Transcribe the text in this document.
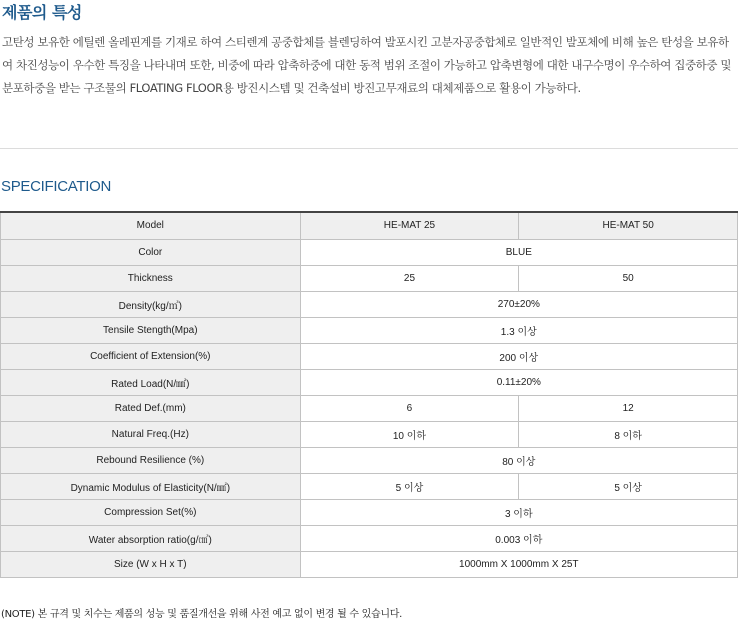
제품의 특성
고탄성 보유한 에틸렌 올레핀계를 기재로 하여 스티렌계 공중합체를 블렌딩하여 발포시킨 고분자공중합체로 일반적인 발포체에 비해 높은 탄성을 보유하여 차진성능이 우수한 특징을 나타내며 또한, 비중에 따라 압축하중에 대한 동적 범위 조절이 가능하고 압축변형에 대한 내구수명이 우수하여 집중하중 및 분포하중을 받는 구조물의 FLOATING FLOOR용 방진시스템 및 건축설비 방진고무재료의 대체제품으로 활용이 가능하다.
SPECIFICATION
Model	HE-MAT 25	HE-MAT 50
Color	BLUE	
Thickness	25	50
Density(kg/㎥)	270±20%	
Tensile Stength(Mpa)	1.3 이상	
Coefficient of Extension(%)	200 이상	
Rated Load(N/㎟)	0.11±20%	
Rated Def.(mm)	6	12
Natural Freq.(Hz)	10 이하	8 이하
Rebound Resilience (%)	80 이상	
Dynamic Modulus of Elasticity(N/㎟)	5 이상	5 이상
Compression Set(%)	3 이하	
Water absorption ratio(g/㎤)	0.003 이하	
Size (W x H x T)	1000mm X 1000mm X 25T	
(NOTE) 본 규격 및 치수는 제품의 성능 및 품질개선을 위해 사전 예고 없이 변경 될 수 있습니다.
